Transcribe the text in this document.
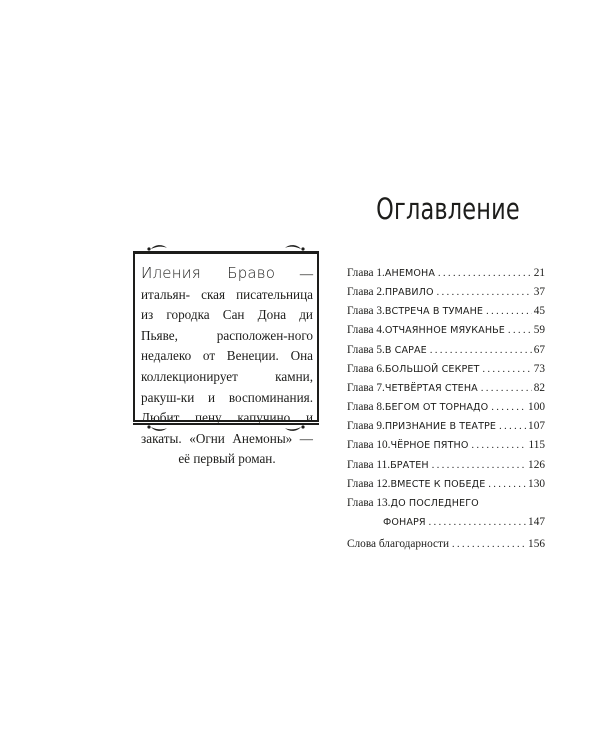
Иления Браво — итальян- ская писательница из городка Сан Дона ди Пьяве, расположен-ного недалеко от Венеции. Она коллекционирует камни, ракуш-ки и воспоминания. Любит пену капучино и закаты. «Огни Анемоны» — её первый роман.

Оглавление
Глава 1. АНЕМОНА . . .	21
Глава 2. ПРАВИЛО . . .	37
Глава 3. ВСТРЕЧА В ТУМАНЕ . . .	45
Глава 4. ОТЧАЯННОЕ МЯУКАНЬЕ . . .	59
Глава 5. В САРАЕ . . .	67
Глава 6. БОЛЬШОЙ СЕКРЕТ . . .	73
Глава 7. ЧЕТВЁРТАЯ СТЕНА . . .	82
Глава 8. БЕГОМ ОТ ТОРНАДО . . .	100
Глава 9. ПРИЗНАНИЕ В ТЕАТРЕ . . .	107
Глава 10. ЧЁРНОЕ ПЯТНО . . .	115
Глава 11. БРАТЕН . . .	126
Глава 12. ВМЕСТЕ К ПОБЕДЕ . . .	130
Глава 13. ДО ПОСЛЕДНЕГО
ФОНАРЯ . . .	147
Слова благодарности . . .	156
